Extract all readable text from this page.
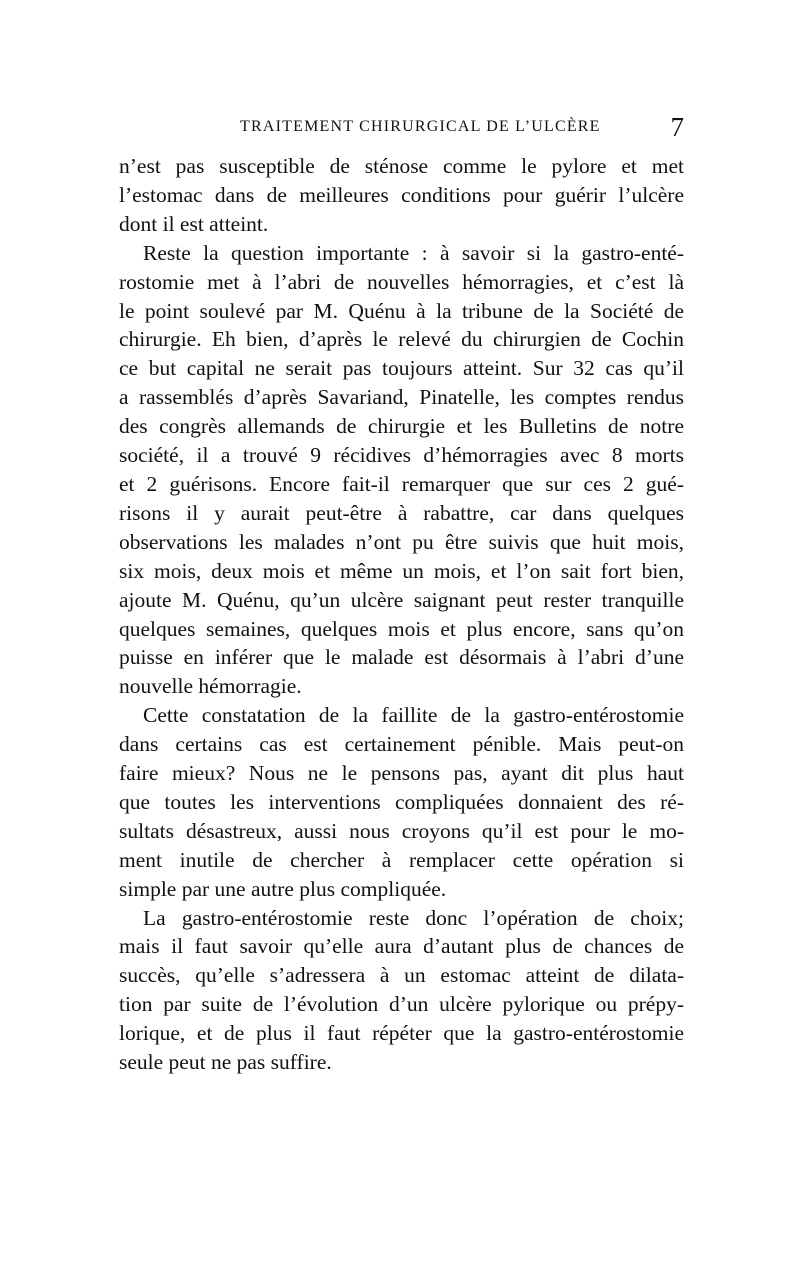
TRAITEMENT CHIRURGICAL DE L’ULCÈRE	7

n’est pas susceptible de sténose comme le pylore et met
l’estomac dans de meilleures conditions pour guérir l’ulcère
dont il est atteint.

Reste la question importante : à savoir si la gastro-enté-
rostomie met à l’abri de nouvelles hémorragies, et c’est là
le point soulevé par M. Quénu à la tribune de la Société de
chirurgie. Eh bien, d’après le relevé du chirurgien de Cochin
ce but capital ne serait pas toujours atteint. Sur 32 cas qu’il
a rassemblés d’après Savariand, Pinatelle, les comptes rendus
des congrès allemands de chirurgie et les Bulletins de notre
société, il a trouvé 9 récidives d’hémorragies avec 8 morts
et 2 guérisons. Encore fait-il remarquer que sur ces 2 gué-
risons il y aurait peut-être à rabattre, car dans quelques
observations les malades n’ont pu être suivis que huit mois,
six mois, deux mois et même un mois, et l’on sait fort bien,
ajoute M. Quénu, qu’un ulcère saignant peut rester tranquille
quelques semaines, quelques mois et plus encore, sans qu’on
puisse en inférer que le malade est désormais à l’abri d’une
nouvelle hémorragie.

Cette constatation de la faillite de la gastro-entérostomie
dans certains cas est certainement pénible. Mais peut-on
faire mieux? Nous ne le pensons pas, ayant dit plus haut
que toutes les interventions compliquées donnaient des ré-
sultats désastreux, aussi nous croyons qu’il est pour le mo-
ment inutile de chercher à remplacer cette opération si
simple par une autre plus compliquée.

La gastro-entérostomie reste donc l’opération de choix;
mais il faut savoir qu’elle aura d’autant plus de chances de
succès, qu’elle s’adressera à un estomac atteint de dilata-
tion par suite de l’évolution d’un ulcère pylorique ou prépy-
lorique, et de plus il faut répéter que la gastro-entérostomie
seule peut ne pas suffire.
